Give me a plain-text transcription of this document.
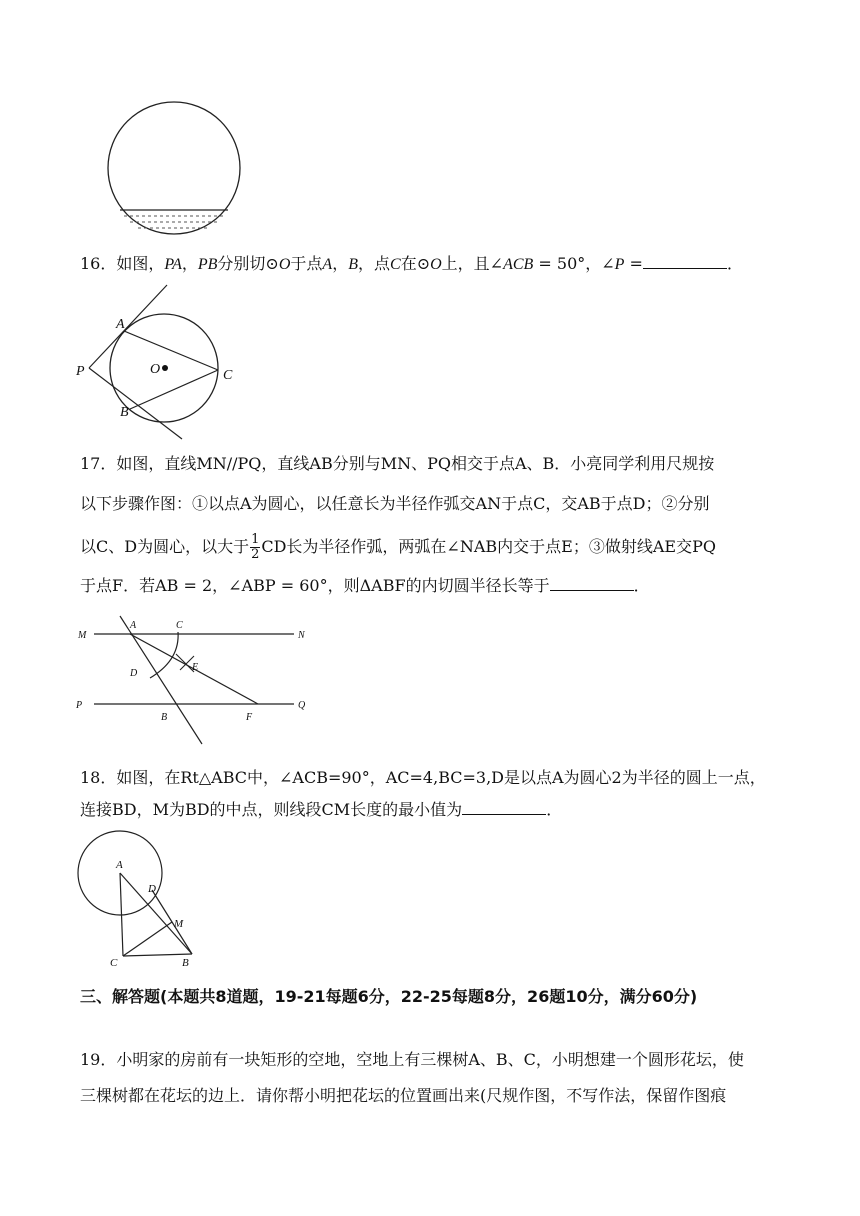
16．如图，PA，PB分别切⊙O于点A，B，点C在⊙O上，且∠ACB = 50°，∠P =	．
A
P	O	C
B
17．如图，直线MN//PQ，直线AB分别与MN、PQ相交于点A、B．小亮同学利用尺规按
以下步骤作图：①以点A为圆心，以任意长为半径作弧交AN于点C，交AB于点D；②分别
以C、D为圆心，以大于 $\frac{1}{2}$ CD长为半径作弧，两弧在∠NAB内交于点E；③做射线AE交PQ
于点F．若AB = 2，∠ABP = 60°，则ΔABF的内切圆半径长等于	．
M
A	C
N
D
E
P
B	F
Q
18．如图，在Rt△ABC中，∠ACB=90°，AC=4,BC=3,D是以点A为圆心2为半径的圆上一点，
连接BD，M为BD的中点，则线段CM长度的最小值为	．
A
D
M
C	B
三、解答题(本题共8道题，19-21每题6分，22-25每题8分，26题10分，满分60分)
19．小明家的房前有一块矩形的空地，空地上有三棵树A、B、C，小明想建一个圆形花坛，使
三棵树都在花坛的边上．请你帮小明把花坛的位置画出来(尺规作图，不写作法，保留作图痕
